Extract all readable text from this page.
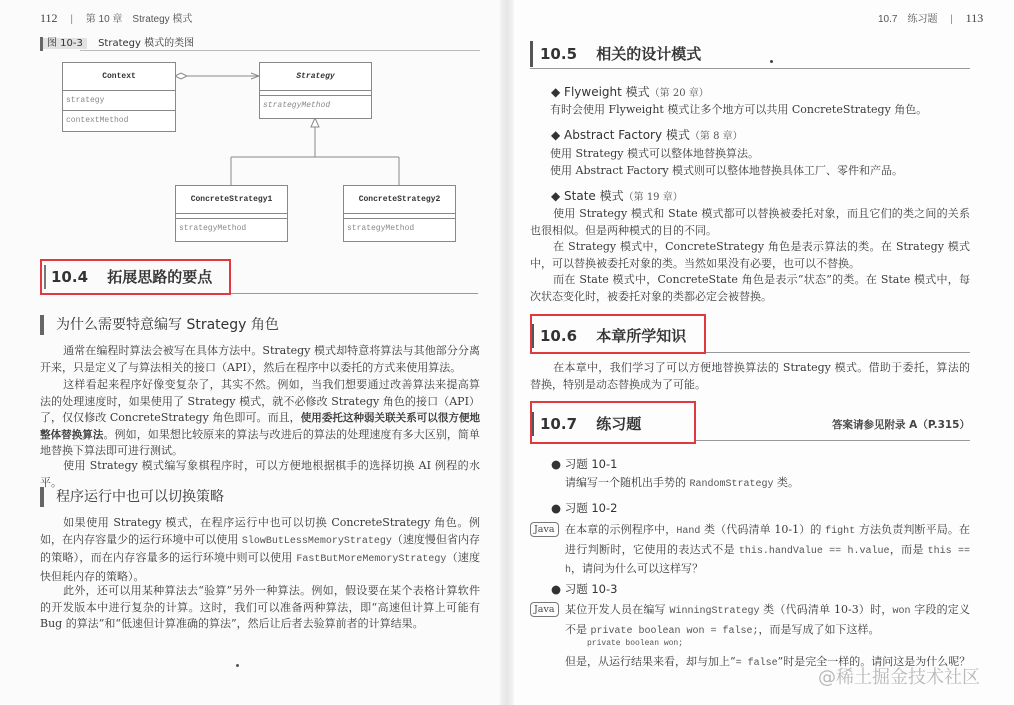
112 | 第 10 章　Strategy 模式
图 10-3 Strategy 模式的类图
Context
strategy
contextMethod
Strategy
strategyMethod
ConcreteStrategy1
strategyMethod
ConcreteStrategy2
strategyMethod
10.4 拓展思路的要点
为什么需要特意编写 Strategy 角色
通常在编程时算法会被写在具体方法中。Strategy 模式却特意将算法与其他部分分离开来，只是定义了与算法相关的接口（API），然后在程序中以委托的方式来使用算法。
这样看起来程序好像变复杂了，其实不然。例如，当我们想要通过改善算法来提高算法的处理速度时，如果使用了 Strategy 模式，就不必修改 Strategy 角色的接口（API）了，仅仅修改 ConcreteStrategy 角色即可。而且，使用委托这种弱关联关系可以很方便地整体替换算法。例如，如果想比较原来的算法与改进后的算法的处理速度有多大区别，简单地替换下算法即可进行测试。
使用 Strategy 模式编写象棋程序时，可以方便地根据棋手的选择切换 AI 例程的水平。
程序运行中也可以切换策略
如果使用 Strategy 模式，在程序运行中也可以切换 ConcreteStrategy 角色。例如，在内存容量少的运行环境中可以使用 SlowButLessMemoryStrategy（速度慢但省内存的策略），而在内存容量多的运行环境中则可以使用 FastButMoreMemoryStrategy（速度快但耗内存的策略）。
此外，还可以用某种算法去“验算”另外一种算法。例如，假设要在某个表格计算软件的开发版本中进行复杂的计算。这时，我们可以准备两种算法，即“高速但计算上可能有 Bug 的算法”和“低速但计算准确的算法”，然后让后者去验算前者的计算结果。
10.7　练习题 | 113
10.5 相关的设计模式
◆ Flyweight 模式（第 20 章）
有时会使用 Flyweight 模式让多个地方可以共用 ConcreteStrategy 角色。
◆ Abstract Factory 模式（第 8 章）
使用 Strategy 模式可以整体地替换算法。
使用 Abstract Factory 模式则可以整体地替换具体工厂、零件和产品。
◆ State 模式（第 19 章）
使用 Strategy 模式和 State 模式都可以替换被委托对象，而且它们的类之间的关系也很相似。但是两种模式的目的不同。
在 Strategy 模式中，ConcreteStrategy 角色是表示算法的类。在 Strategy 模式中，可以替换被委托对象的类。当然如果没有必要，也可以不替换。
而在 State 模式中，ConcreteState 角色是表示“状态”的类。在 State 模式中，每次状态变化时，被委托对象的类都必定会被替换。
10.6 本章所学知识
在本章中，我们学习了可以方便地替换算法的 Strategy 模式。借助于委托，算法的替换，特别是动态替换成为了可能。
10.7 练习题	答案请参见附录 A（P.315）
● 习题 10-1
请编写一个随机出手势的 RandomStrategy 类。
● 习题 10-2
Java 在本章的示例程序中，Hand 类（代码清单 10-1）的 fight 方法负责判断平局。在进行判断时，它使用的表达式不是 this.handValue == h.value，而是 this == h，请问为什么可以这样写？
● 习题 10-3
Java 某位开发人员在编写 WinningStrategy 类（代码清单 10-3）时，won 字段的定义不是 private boolean won = false;，而是写成了如下这样。
private boolean won;
但是，从运行结果来看，却与加上“= false”时是完全一样的。请问这是为什么呢？
@稀土掘金技术社区
